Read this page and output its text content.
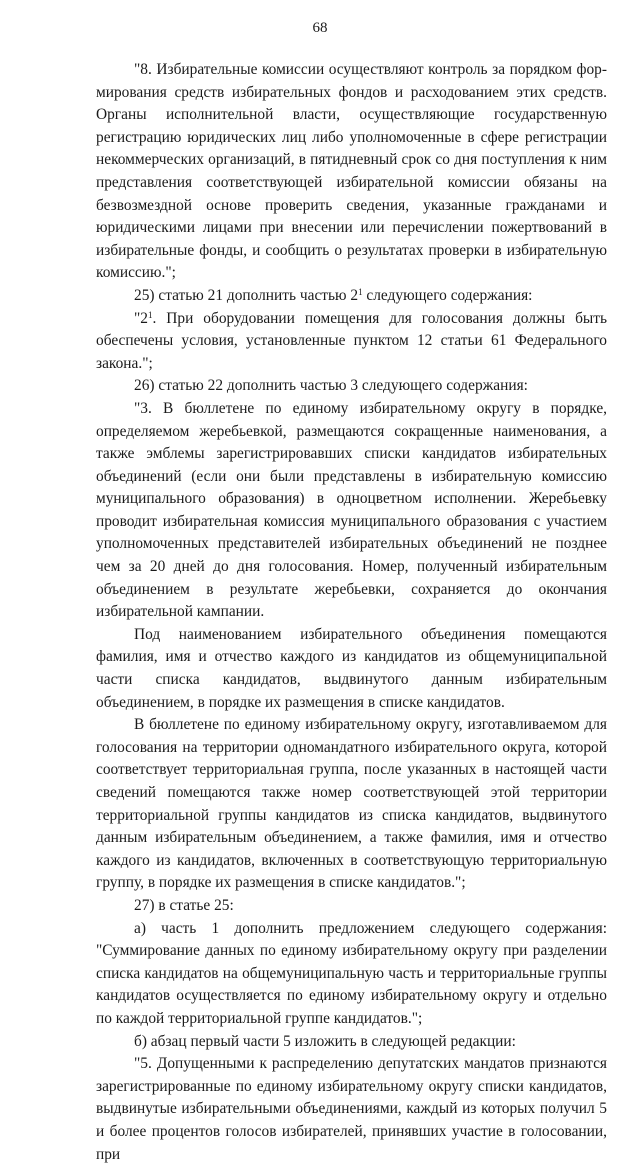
68

"8. Избирательные комиссии осуществляют контроль за порядком формирования средств избирательных фондов и расходованием этих средств. Органы исполнительной власти, осуществляющие государственную регистрацию юридических лиц либо уполномоченные в сфере регистрации некоммерческих организаций, в пятидневный срок со дня поступления к ним представления соответствующей избирательной комиссии обязаны на безвозмездной основе проверить сведения, указанные гражданами и юридическими лицами при внесении или перечислении пожертвований в избирательные фонды, и сообщить о результатах проверки в избирательную комиссию.";

25) статью 21 дополнить частью $2^1$ следующего содержания:

"$2^1$. При оборудовании помещения для голосования должны быть обеспечены условия, установленные пунктом 12 статьи 61 Федерального закона.";

26) статью 22 дополнить частью 3 следующего содержания:

"3. В бюллетене по единому избирательному округу в порядке, определяемом жеребьевкой, размещаются сокращенные наименования, а также эмблемы зарегистрировавших списки кандидатов избирательных объединений (если они были представлены в избирательную комиссию муниципального образования) в одноцветном исполнении. Жеребьевку проводит избирательная комиссия муниципального образования с участием уполномоченных представителей избирательных объединений не позднее чем за 20 дней до дня голосования. Номер, полученный избирательным объединением в результате жеребьевки, сохраняется до окончания избирательной кампании.

Под наименованием избирательного объединения помещаются фамилия, имя и отчество каждого из кандидатов из общемуниципальной части списка кандидатов, выдвинутого данным избирательным объединением, в порядке их размещения в списке кандидатов.

В бюллетене по единому избирательному округу, изготавливаемом для голосования на территории одномандатного избирательного округа, которой соответствует территориальная группа, после указанных в настоящей части сведений помещаются также номер соответствующей этой территории территориальной группы кандидатов из списка кандидатов, выдвинутого данным избирательным объединением, а также фамилия, имя и отчество каждого из кандидатов, включенных в соответствующую территориальную группу, в порядке их размещения в списке кандидатов.";

27) в статье 25:

а) часть 1 дополнить предложением следующего содержания: "Суммирование данных по единому избирательному округу при разделении списка кандидатов на общемуниципальную часть и территориальные группы кандидатов осуществляется по единому избирательному округу и отдельно по каждой территориальной группе кандидатов.";

б) абзац первый части 5 изложить в следующей редакции:

"5. Допущенными к распределению депутатских мандатов признаются зарегистрированные по единому избирательному округу списки кандидатов, выдвинутые избирательными объединениями, каждый из которых получил 5 и более процентов голосов избирателей, принявших участие в голосовании, при
